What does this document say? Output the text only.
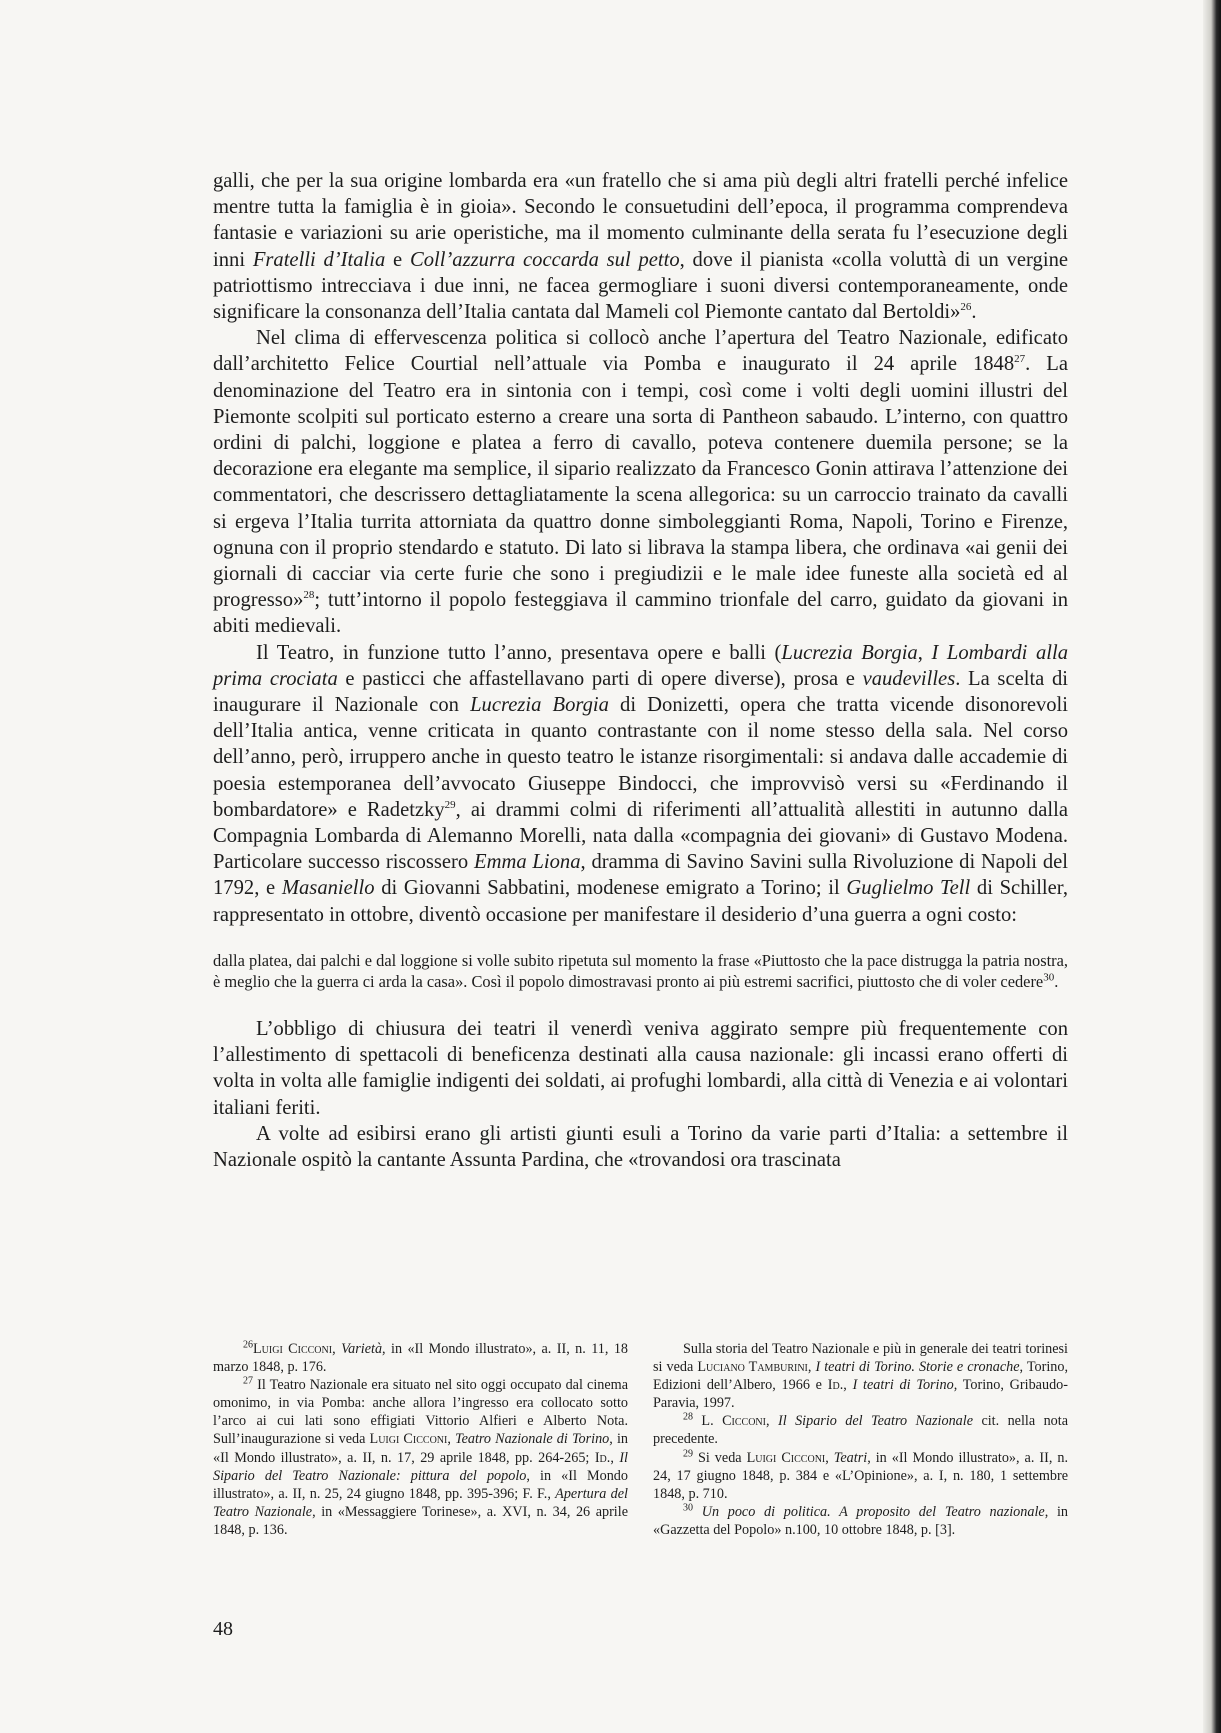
galli, che per la sua origine lombarda era «un fratello che si ama più degli altri fratelli perché infelice mentre tutta la famiglia è in gioia». Secondo le consuetudini dell’epoca, il programma comprendeva fantasie e variazioni su arie operistiche, ma il momento culminante della serata fu l’esecuzione degli inni Fratelli d’Italia e Coll’azzurra coccarda sul petto, dove il pianista «colla voluttà di un vergine patriottismo intrecciava i due inni, ne facea germogliare i suoni diversi contemporaneamente, onde significare la consonanza dell’Italia cantata dal Mameli col Piemonte cantato dal Bertoldi»$^{26}$.

Nel clima di effervescenza politica si collocò anche l’apertura del Teatro Nazionale, edificato dall’architetto Felice Courtial nell’attuale via Pomba e inaugurato il 24 aprile 1848$^{27}$. La denominazione del Teatro era in sintonia con i tempi, così come i volti degli uomini illustri del Piemonte scolpiti sul porticato esterno a creare una sorta di Pantheon sabaudo. L’interno, con quattro ordini di palchi, loggione e platea a ferro di cavallo, poteva contenere duemila persone; se la decorazione era elegante ma semplice, il sipario realizzato da Francesco Gonin attirava l’attenzione dei commentatori, che descrissero dettagliatamente la scena allegorica: su un carroccio trainato da cavalli si ergeva l’Italia turrita attorniata da quattro donne simboleggianti Roma, Napoli, Torino e Firenze, ognuna con il proprio stendardo e statuto. Di lato si librava la stampa libera, che ordinava «ai genii dei giornali di cacciar via certe furie che sono i pregiudizii e le male idee funeste alla società ed al progresso»$^{28}$; tutt’intorno il popolo festeggiava il cammino trionfale del carro, guidato da giovani in abiti medievali.

Il Teatro, in funzione tutto l’anno, presentava opere e balli (Lucrezia Borgia, I Lombardi alla prima crociata e pasticci che affastellavano parti di opere diverse), prosa e vaudevilles. La scelta di inaugurare il Nazionale con Lucrezia Borgia di Donizetti, opera che tratta vicende disonorevoli dell’Italia antica, venne criticata in quanto contrastante con il nome stesso della sala. Nel corso dell’anno, però, irruppero anche in questo teatro le istanze risorgimentali: si andava dalle accademie di poesia estemporanea dell’avvocato Giuseppe Bindocci, che improvvisò versi su «Ferdinando il bombardatore» e Radetzky$^{29}$, ai drammi colmi di riferimenti all’attualità allestiti in autunno dalla Compagnia Lombarda di Alemanno Morelli, nata dalla «compagnia dei giovani» di Gustavo Modena. Particolare successo riscossero Emma Liona, dramma di Savino Savini sulla Rivoluzione di Napoli del 1792, e Masaniello di Giovanni Sabbatini, modenese emigrato a Torino; il Guglielmo Tell di Schiller, rappresentato in ottobre, diventò occasione per manifestare il desiderio d’una guerra a ogni costo:

dalla platea, dai palchi e dal loggione si volle subito ripetuta sul momento la frase «Piuttosto che la pace distrugga la patria nostra, è meglio che la guerra ci arda la casa». Così il popolo dimostravasi pronto ai più estremi sacrifici, piuttosto che di voler cedere$^{30}$.

L’obbligo di chiusura dei teatri il venerdì veniva aggirato sempre più frequentemente con l’allestimento di spettacoli di beneficenza destinati alla causa nazionale: gli incassi erano offerti di volta in volta alle famiglie indigenti dei soldati, ai profughi lombardi, alla città di Venezia e ai volontari italiani feriti.

A volte ad esibirsi erano gli artisti giunti esuli a Torino da varie parti d’Italia: a settembre il Nazionale ospitò la cantante Assunta Pardina, che «trovandosi ora trascinata

$^{26}$Luigi Cicconi, Varietà, in «Il Mondo illustrato», a. II, n. 11, 18 marzo 1848, p. 176.

$^{27}$ Il Teatro Nazionale era situato nel sito oggi occupato dal cinema omonimo, in via Pomba: anche allora l’ingresso era collocato sotto l’arco ai cui lati sono effigiati Vittorio Alfieri e Alberto Nota. Sull’inaugurazione si veda Luigi Cicconi, Teatro Nazionale di Torino, in «Il Mondo illustrato», a. II, n. 17, 29 aprile 1848, pp. 264-265; Id., Il Sipario del Teatro Nazionale: pittura del popolo, in «Il Mondo illustrato», a. II, n. 25, 24 giugno 1848, pp. 395-396; F. F., Apertura del Teatro Nazionale, in «Messaggiere Torinese», a. XVI, n. 34, 26 aprile 1848, p. 136.

Sulla storia del Teatro Nazionale e più in generale dei teatri torinesi si veda Luciano Tamburini, I teatri di Torino. Storie e cronache, Torino, Edizioni dell’Albero, 1966 e Id., I teatri di Torino, Torino, Gribaudo-Paravia, 1997.

$^{28}$ L. Cicconi, Il Sipario del Teatro Nazionale cit. nella nota precedente.

$^{29}$ Si veda Luigi Cicconi, Teatri, in «Il Mondo illustrato», a. II, n. 24, 17 giugno 1848, p. 384 e «L’Opinione», a. I, n. 180, 1 settembre 1848, p. 710.

$^{30}$ Un poco di politica. A proposito del Teatro nazionale, in «Gazzetta del Popolo» n.100, 10 ottobre 1848, p. [3].

48
